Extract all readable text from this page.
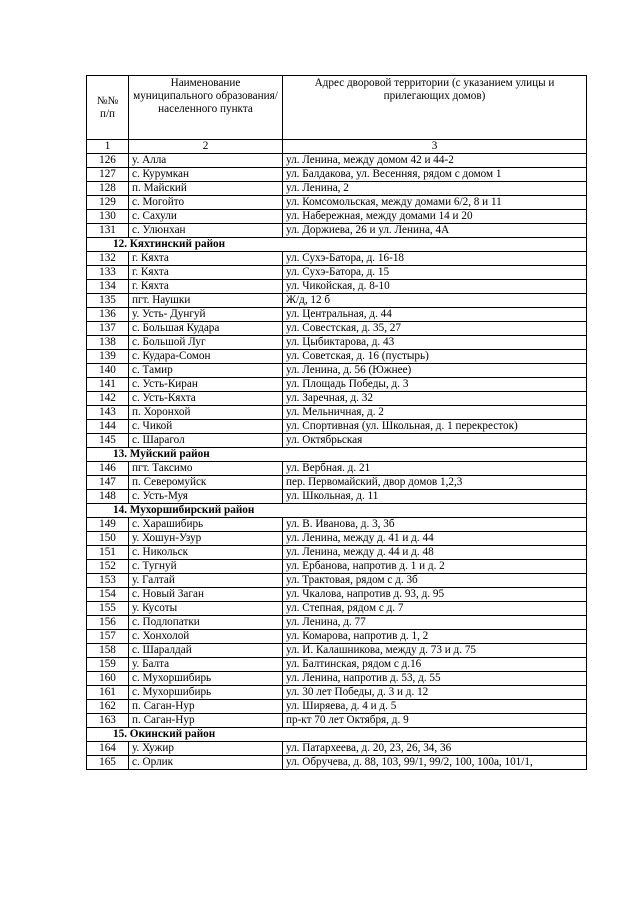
№№
п/п	Наименование муниципального образования/ населенного пункта	Адрес дворовой территории (с указанием улицы и прилегающих домов)
1	2	3
126	у. Алла	ул. Ленина, между домом 42 и 44-2
127	с. Курумкан	ул. Балдакова, ул. Весенняя, рядом с домом 1
128	п. Майский	ул. Ленина, 2
129	с. Могойто	ул. Комсомольская, между домами 6/2, 8 и 11
130	с. Сахули	ул. Набережная, между домами 14 и 20
131	с. Улюнхан	ул. Доржиева, 26 и ул. Ленина, 4А
12. Кяхтинский район		
132	г. Кяхта	ул. Сухэ-Батора, д. 16-18
133	г. Кяхта	ул. Сухэ-Батора, д. 15
134	г. Кяхта	ул. Чикойская, д. 8-10
135	пгт. Наушки	Ж/д, 12 б
136	у. Усть- Дунгуй	ул. Центральная, д. 44
137	с. Большая Кудара	ул. Совестская, д. 35, 27
138	с. Большой Луг	ул. Цыбиктарова, д. 43
139	с. Кудара-Сомон	ул. Советская, д. 16 (пустырь)
140	с. Тамир	ул. Ленина, д. 56 (Южнее)
141	с. Усть-Киран	ул. Площадь Победы, д. 3
142	с. Усть-Кяхта	ул. Заречная, д. 32
143	п. Хоронхой	ул. Мельничная, д. 2
144	с. Чикой	ул. Спортивная (ул. Школьная, д. 1 перекресток)
145	с. Шарагол	ул. Октябрьская
13. Муйский район		
146	пгт. Таксимо	ул. Вербная. д. 21
147	п. Северомуйск	пер. Первомайский, двор домов 1,2,3
148	с. Усть-Муя	ул. Школьная, д. 11
14. Мухоршибирский район		
149	с. Харашибирь	ул. В. Иванова, д. 3, 3б
150	у. Хошун-Узур	ул. Ленина, между д. 41 и д. 44
151	с. Никольск	ул. Ленина, между д. 44 и д. 48
152	с. Тугнуй	ул. Ербанова, напротив д. 1 и д. 2
153	у. Галтай	ул. Трактовая, рядом с д. 3б
154	с. Новый Заган	ул. Чкалова, напротив д. 93, д. 95
155	у. Кусоты	ул. Степная, рядом с д. 7
156	с. Подлопатки	ул. Ленина, д. 77
157	с. Хонхолой	ул. Комарова, напротив д. 1, 2
158	с. Шаралдай	ул. И. Калашникова, между д. 73 и д. 75
159	у. Балта	ул. Балтинская, рядом с д.16
160	с. Мухоршибирь	ул. Ленина, напротив д. 53, д. 55
161	с. Мухоршибирь	ул. 30 лет Победы, д. 3 и д. 12
162	п. Саган-Нур	ул. Ширяева, д. 4 и д. 5
163	п. Саган-Нур	пр-кт 70 лет Октября, д. 9
15. Окинский район		
164	у. Хужир	ул. Патархеева, д. 20, 23, 26, 34, 36
165	с. Орлик	ул. Обручева, д. 88, 103, 99/1, 99/2, 100, 100а, 101/1,
